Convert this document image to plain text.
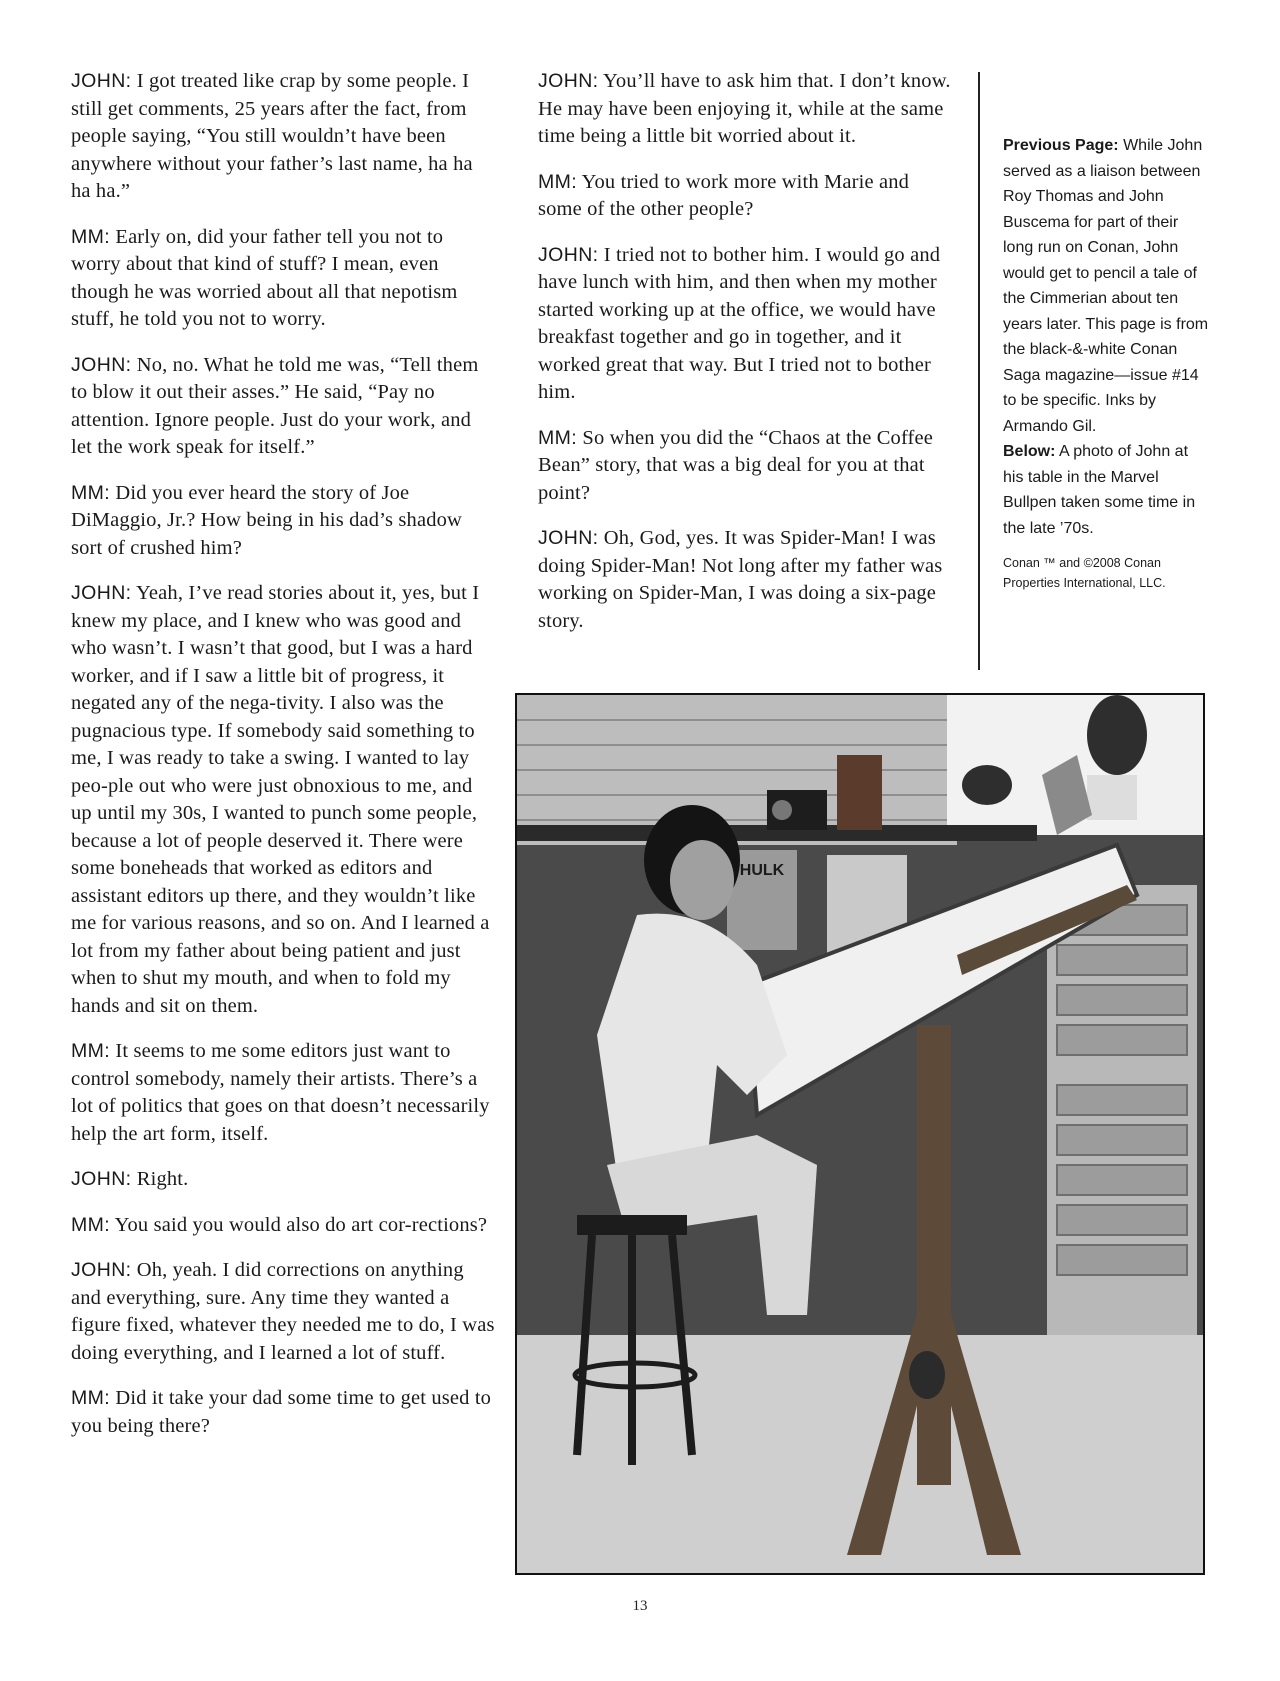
JOHN: I got treated like crap by some people. I still get comments, 25 years after the fact, from people saying, “You still wouldn’t have been anywhere without your father’s last name, ha ha ha ha.”

MM: Early on, did your father tell you not to worry about that kind of stuff? I mean, even though he was worried about all that nepotism stuff, he told you not to worry.

JOHN: No, no. What he told me was, “Tell them to blow it out their asses.” He said, “Pay no attention. Ignore people. Just do your work, and let the work speak for itself.”

MM: Did you ever heard the story of Joe DiMaggio, Jr.? How being in his dad’s shadow sort of crushed him?

JOHN: Yeah, I’ve read stories about it, yes, but I knew my place, and I knew who was good and who wasn’t. I wasn’t that good, but I was a hard worker, and if I saw a little bit of progress, it negated any of the nega-tivity. I also was the pugnacious type. If somebody said something to me, I was ready to take a swing. I wanted to lay peo-ple out who were just obnoxious to me, and up until my 30s, I wanted to punch some people, because a lot of people deserved it. There were some boneheads that worked as editors and assistant editors up there, and they wouldn’t like me for various reasons, and so on. And I learned a lot from my father about being patient and just when to shut my mouth, and when to fold my hands and sit on them.

MM: It seems to me some editors just want to control somebody, namely their artists. There’s a lot of politics that goes on that doesn’t necessarily help the art form, itself.

JOHN: Right.

MM: You said you would also do art cor-rections?

JOHN: Oh, yeah. I did corrections on anything and everything, sure. Any time they wanted a figure fixed, whatever they needed me to do, I was doing everything, and I learned a lot of stuff.

MM: Did it take your dad some time to get used to you being there?

JOHN: You’ll have to ask him that. I don’t know. He may have been enjoying it, while at the same time being a little bit worried about it.

MM: You tried to work more with Marie and some of the other people?

JOHN: I tried not to bother him. I would go and have lunch with him, and then when my mother started working up at the office, we would have breakfast together and go in together, and it worked great that way. But I tried not to bother him.

MM: So when you did the “Chaos at the Coffee Bean” story, that was a big deal for you at that point?

JOHN: Oh, God, yes. It was Spider-Man! I was doing Spider-Man! Not long after my father was working on Spider-Man, I was doing a six-page story.

Previous Page: While John served as a liaison between Roy Thomas and John Buscema for part of their long run on Conan, John would get to pencil a tale of the Cimmerian about ten years later. This page is from the black-&-white Conan Saga magazine—issue #14 to be specific. Inks by Armando Gil.
Below: A photo of John at his table in the Marvel Bullpen taken some time in the late ’70s.
Conan ™ and ©2008 Conan Properties International, LLC.
HULK
13
